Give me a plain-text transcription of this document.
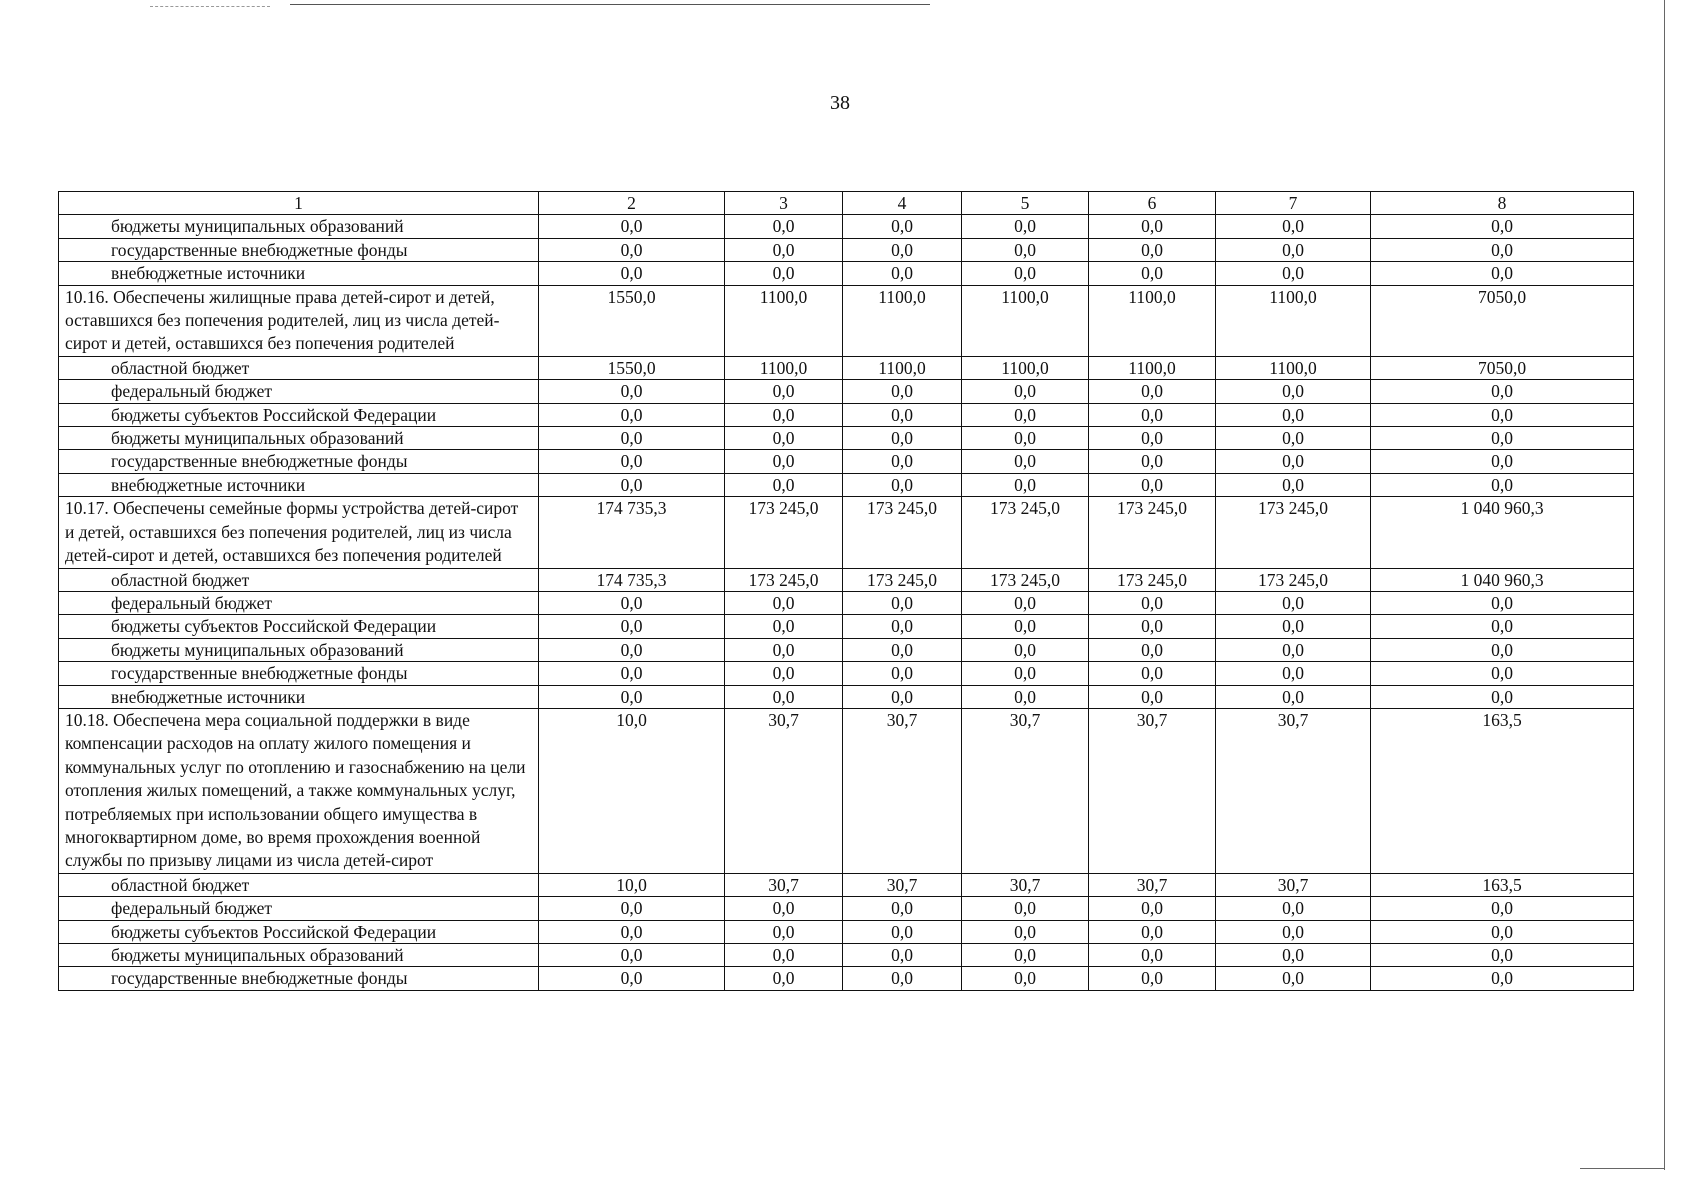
38
1	2	3	4	5	6	7	8
бюджеты муниципальных образований	0,0	0,0	0,0	0,0	0,0	0,0	0,0
государственные внебюджетные фонды	0,0	0,0	0,0	0,0	0,0	0,0	0,0
внебюджетные источники	0,0	0,0	0,0	0,0	0,0	0,0	0,0
10.16. Обеспечены жилищные права детей-сирот и детей, оставшихся без попечения родителей, лиц из числа детей-сирот и детей, оставшихся без попечения родителей	1550,0	1100,0	1100,0	1100,0	1100,0	1100,0	7050,0
областной бюджет	1550,0	1100,0	1100,0	1100,0	1100,0	1100,0	7050,0
федеральный бюджет	0,0	0,0	0,0	0,0	0,0	0,0	0,0
бюджеты субъектов Российской Федерации	0,0	0,0	0,0	0,0	0,0	0,0	0,0
бюджеты муниципальных образований	0,0	0,0	0,0	0,0	0,0	0,0	0,0
государственные внебюджетные фонды	0,0	0,0	0,0	0,0	0,0	0,0	0,0
внебюджетные источники	0,0	0,0	0,0	0,0	0,0	0,0	0,0
10.17. Обеспечены семейные формы устройства детей-сирот и детей, оставшихся без попечения родителей, лиц из числа детей-сирот и детей, оставшихся без попечения родителей	174 735,3	173 245,0	173 245,0	173 245,0	173 245,0	173 245,0	1 040 960,3
областной бюджет	174 735,3	173 245,0	173 245,0	173 245,0	173 245,0	173 245,0	1 040 960,3
федеральный бюджет	0,0	0,0	0,0	0,0	0,0	0,0	0,0
бюджеты субъектов Российской Федерации	0,0	0,0	0,0	0,0	0,0	0,0	0,0
бюджеты муниципальных образований	0,0	0,0	0,0	0,0	0,0	0,0	0,0
государственные внебюджетные фонды	0,0	0,0	0,0	0,0	0,0	0,0	0,0
внебюджетные источники	0,0	0,0	0,0	0,0	0,0	0,0	0,0
10.18. Обеспечена мера социальной поддержки в виде компенсации расходов на оплату жилого помещения и коммунальных услуг по отоплению и газоснабжению на цели отопления жилых помещений, а также коммунальных услуг, потребляемых при использовании общего имущества в многоквартирном доме, во время прохождения военной службы по призыву лицами из числа детей-сирот	10,0	30,7	30,7	30,7	30,7	30,7	163,5
областной бюджет	10,0	30,7	30,7	30,7	30,7	30,7	163,5
федеральный бюджет	0,0	0,0	0,0	0,0	0,0	0,0	0,0
бюджеты субъектов Российской Федерации	0,0	0,0	0,0	0,0	0,0	0,0	0,0
бюджеты муниципальных образований	0,0	0,0	0,0	0,0	0,0	0,0	0,0
государственные внебюджетные фонды	0,0	0,0	0,0	0,0	0,0	0,0	0,0
